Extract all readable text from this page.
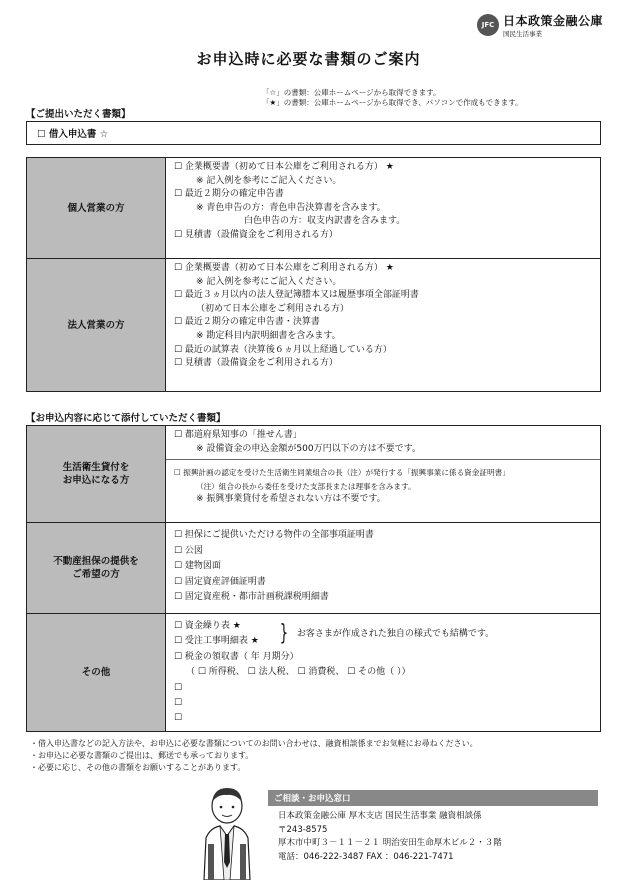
JFC 日本政策金融公庫
国民生活事業
お申込時に必要な書類のご案内
「☆」の書類：公庫ホームページから取得できます。
「★」の書類：公庫ホームページから取得でき、パソコンで作成もできます。
【ご提出いただく書類】
☐ 借入申込書 ☆
個人営業の方
☐ 企業概要書（初めて日本公庫をご利用される方） ★
※ 記入例を参考にご記入ください。
☐ 最近２期分の確定申告書
※ 青色申告の方：青色申告決算書を含みます。
白色申告の方：収支内訳書を含みます。
☐ 見積書（設備資金をご利用される方）
法人営業の方
☐ 企業概要書（初めて日本公庫をご利用される方） ★
※ 記入例を参考にご記入ください。
☐ 最近３ヵ月以内の法人登記簿謄本又は履歴事項全部証明書
（初めて日本公庫をご利用される方）
☐ 最近２期分の確定申告書・決算書
※ 勘定科目内訳明細書を含みます。
☐ 最近の試算表（決算後６ヵ月以上経過している方）
☐ 見積書（設備資金をご利用される方）
【お申込内容に応じて添付していただく書類】
生活衛生貸付を
お申込になる方
☐ 都道府県知事の「推せん書」
※ 設備資金の申込金額が500万円以下の方は不要です。
☐ 振興計画の認定を受けた生活衛生同業組合の長（注）が発行する「振興事業に係る資金証明書」
（注）組合の長から委任を受けた支部長または理事を含みます。
※ 振興事業貸付を希望されない方は不要です。
不動産担保の提供を
ご希望の方
☐ 担保にご提供いただける物件の全部事項証明書
☐ 公図
☐ 建物図面
☐ 固定資産評価証明書
☐ 固定資産税・都市計画税課税明細書
その他
☐ 資金繰り表 ★
☐ 受注工事明細表 ★ } お客さまが作成された独自の様式でも結構です。
☐ 税金の領収書（ 年 月期分）
（ ☐ 所得税、 ☐ 法人税、 ☐ 消費税、 ☐ その他（ ））
☐
☐
☐
・借入申込書などの記入方法や、お申込に必要な書類についてのお問い合わせは、融資相談係までお気軽にお尋ねください。
・お申込に必要な書類のご提出は、郵送でも承っております。
・必要に応じ、その他の書類をお願いすることがあります。
ご相談・お申込窓口
日本政策金融公庫 厚木支店 国民生活事業 融資相談係
〒243-8575
厚木市中町３－１１－２１ 明治安田生命厚木ビル２・３階
電話：046-222-3487 FAX ：046-221-7471
